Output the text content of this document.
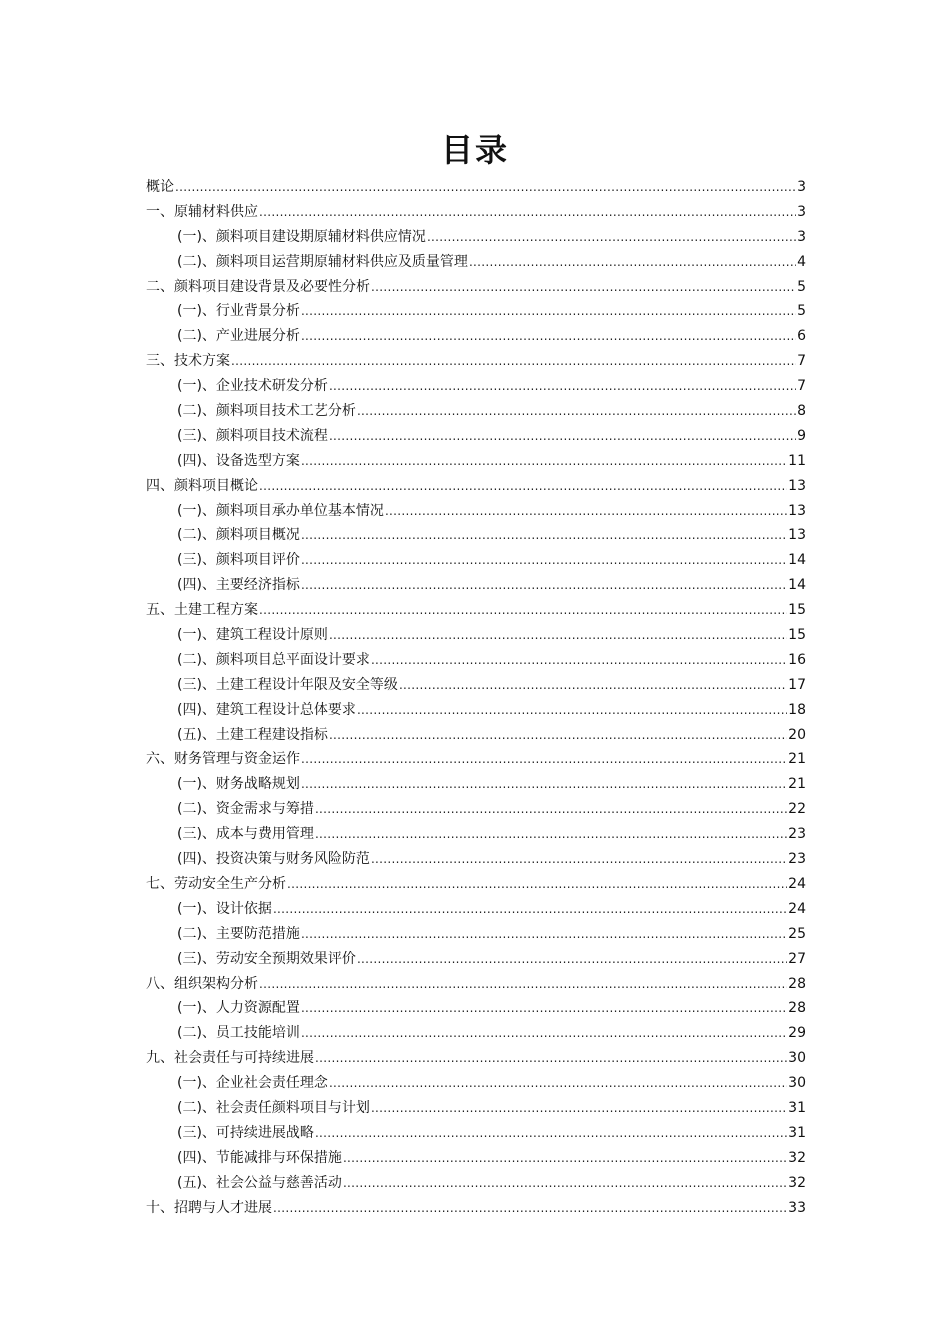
目录
概论 .....	3
一、原辅材料供应 .....	3
(一)、颜料项目建设期原辅材料供应情况 .....	3
(二)、颜料项目运营期原辅材料供应及质量管理 .....	4
二、颜料项目建设背景及必要性分析 .....	5
(一)、行业背景分析 .....	5
(二)、产业进展分析 .....	6
三、技术方案 .....	7
(一)、企业技术研发分析 .....	7
(二)、颜料项目技术工艺分析 .....	8
(三)、颜料项目技术流程 .....	9
(四)、设备选型方案 .....	11
四、颜料项目概论 .....	13
(一)、颜料项目承办单位基本情况 .....	13
(二)、颜料项目概况 .....	13
(三)、颜料项目评价 .....	14
(四)、主要经济指标 .....	14
五、土建工程方案 .....	15
(一)、建筑工程设计原则 .....	15
(二)、颜料项目总平面设计要求 .....	16
(三)、土建工程设计年限及安全等级 .....	17
(四)、建筑工程设计总体要求 .....	18
(五)、土建工程建设指标 .....	20
六、财务管理与资金运作 .....	21
(一)、财务战略规划 .....	21
(二)、资金需求与筹措 .....	22
(三)、成本与费用管理 .....	23
(四)、投资决策与财务风险防范 .....	23
七、劳动安全生产分析 .....	24
(一)、设计依据 .....	24
(二)、主要防范措施 .....	25
(三)、劳动安全预期效果评价 .....	27
八、组织架构分析 .....	28
(一)、人力资源配置 .....	28
(二)、员工技能培训 .....	29
九、社会责任与可持续进展 .....	30
(一)、企业社会责任理念 .....	30
(二)、社会责任颜料项目与计划 .....	31
(三)、可持续进展战略 .....	31
(四)、节能减排与环保措施 .....	32
(五)、社会公益与慈善活动 .....	32
十、招聘与人才进展 .....	33
